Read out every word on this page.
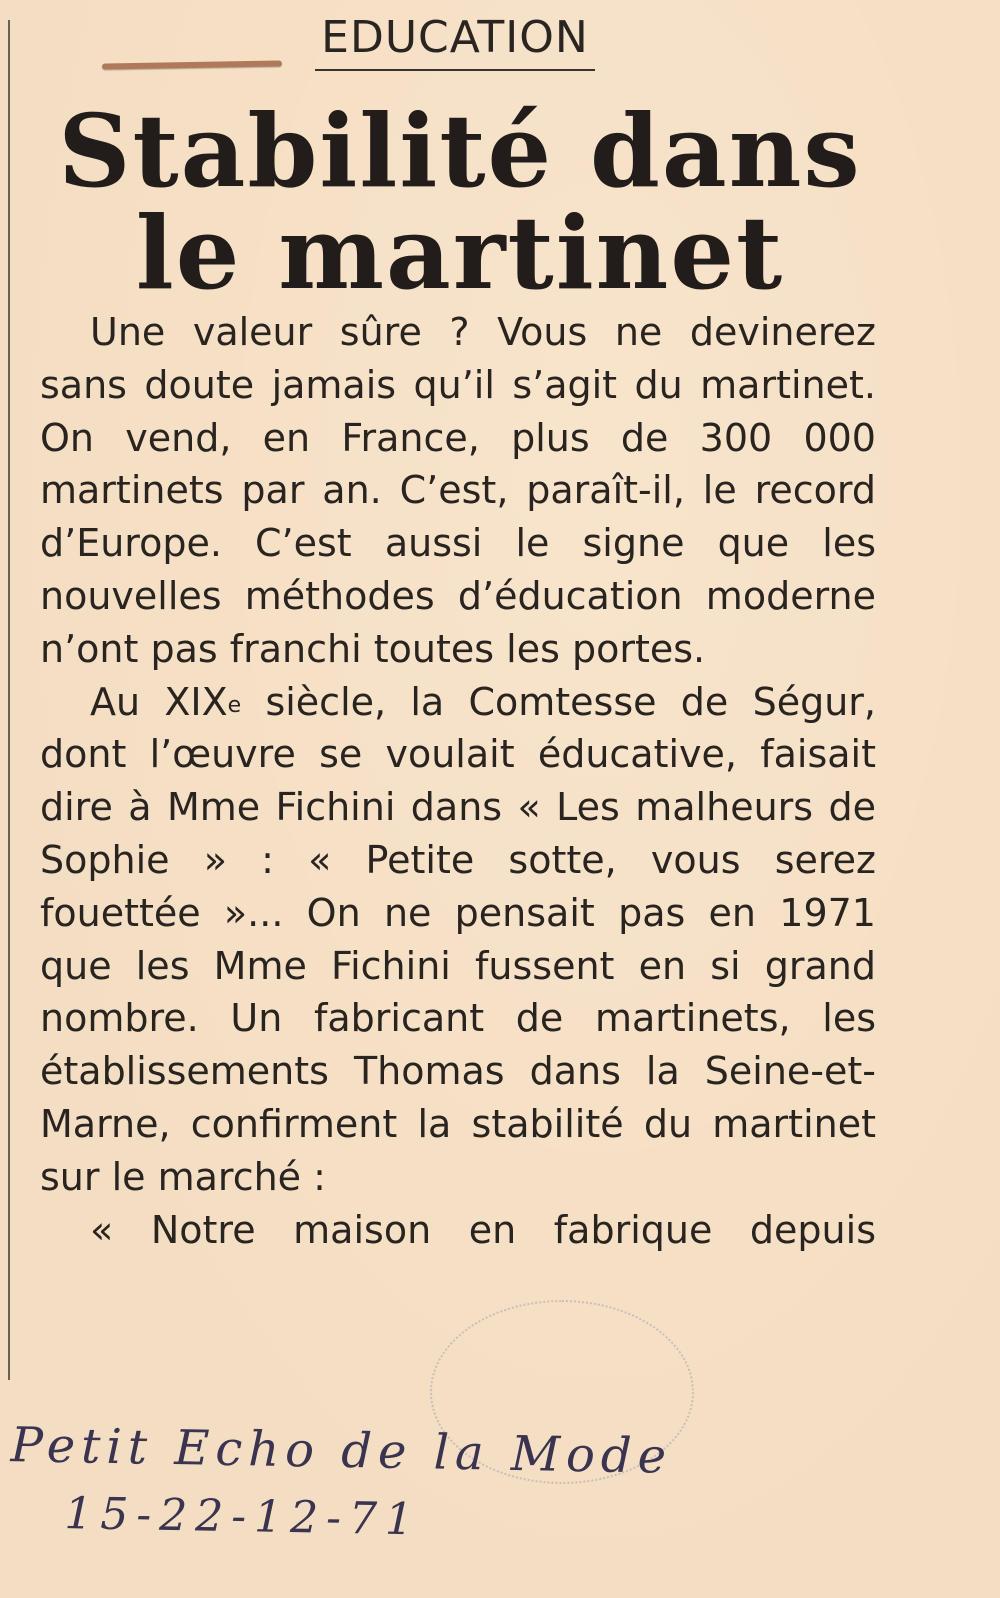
EDUCATION
Stabilité dans le martinet

Une valeur sûre ? Vous ne devinerez sans doute jamais qu’il s’agit du martinet. On vend, en France, plus de 300 000 martinets par an. C’est, paraît-il, le record d’Europe. C’est aussi le signe que les nouvelles méthodes d’éducation moderne n’ont pas franchi toutes les portes.

Au XIXe siècle, la Comtesse de Ségur, dont l’œuvre se voulait éducative, faisait dire à Mme Fichini dans « Les malheurs de Sophie » : « Petite sotte, vous serez fouettée »... On ne pensait pas en 1971 que les Mme Fichini fussent en si grand nombre. Un fabricant de martinets, les établissements Thomas dans la Seine-et-Marne, confirment la stabilité du martinet sur le marché :

« Notre maison en fabrique depuis

Petit Echo de la Mode
15-22-12-71
